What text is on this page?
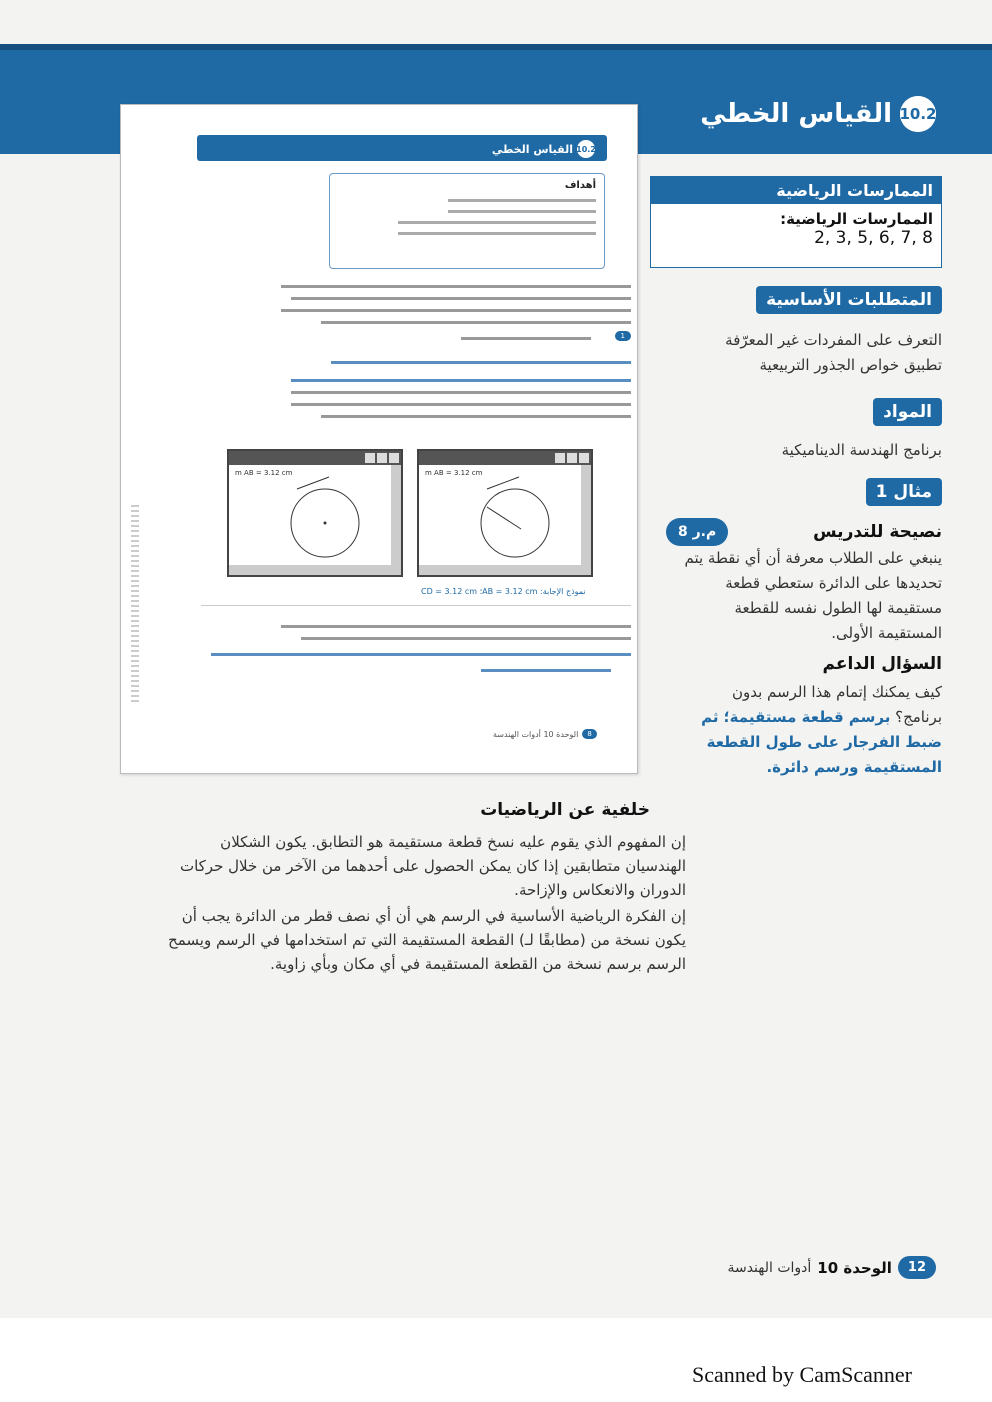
10.2
القياس الخطي
الممارسات الرياضية
الممارسات الرياضية:
2, 3, 5, 6, 7, 8
المتطلبات الأساسية
التعرف على المفردات غير المعرّفة
تطبيق خواص الجذور التربيعية
المواد
برنامج الهندسة الديناميكية
مثال 1
م.ر 8	نصيحة للتدريس
ينبغي على الطلاب معرفة أن أي نقطة يتم تحديدها على الدائرة ستعطي قطعة مستقيمة لها الطول نفسه للقطعة المستقيمة الأولى.
السؤال الداعم
كيف يمكنك إتمام هذا الرسم بدون برنامج؟ برسم قطعة مستقيمة؛ ثم ضبط الفرجار على طول القطعة المستقيمة ورسم دائرة.
10.2
القياس الخطي
أهداف
1
m AB = 3.12 cm	m AB = 3.12 cm
CD = 3.12 cm ؛AB = 3.12 cm :نموذج الإجابة
8
الوحدة 10 أدوات الهندسة
خلفية عن الرياضيات
إن المفهوم الذي يقوم عليه نسخ قطعة مستقيمة هو التطابق. يكون الشكلان الهندسيان متطابقين إذا كان يمكن الحصول على أحدهما من الآخر من خلال حركات الدوران والانعكاس والإزاحة.
إن الفكرة الرياضية الأساسية في الرسم هي أن أي نصف قطر من الدائرة يجب أن يكون نسخة من (مطابقًا لـ) القطعة المستقيمة التي تم استخدامها في الرسم ويسمح الرسم برسم نسخة من القطعة المستقيمة في أي مكان وبأي زاوية.
12
الوحدة 10
أدوات الهندسة
Scanned by CamScanner
